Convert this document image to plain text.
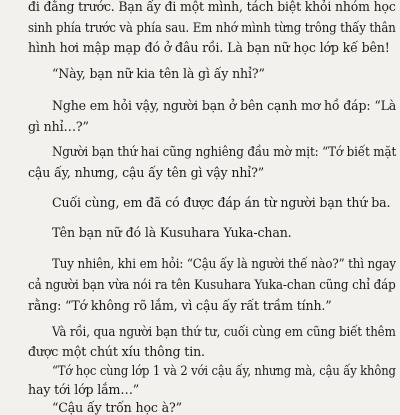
đi đằng trước. Bạn ấy đi một mình, tách biệt khỏi nhóm học
sinh phía trước và phía sau. Em nhớ mình từng trông thấy thân
hình hơi mập mạp đó ở đâu rồi. Là bạn nữ học lớp kế bên!
“Này, bạn nữ kia tên là gì ấy nhỉ?”
Nghe em hỏi vậy, người bạn ở bên cạnh mơ hồ đáp: “Là
gì nhỉ…?”
Người bạn thứ hai cũng nghiêng đầu mờ mịt: “Tớ biết mặt
cậu ấy, nhưng, cậu ấy tên gì vậy nhỉ?”
Cuối cùng, em đã có được đáp án từ người bạn thứ ba.
Tên bạn nữ đó là Kusuhara Yuka-chan.
Tuy nhiên, khi em hỏi: “Cậu ấy là người thế nào?” thì ngay
cả người bạn vừa nói ra tên Kusuhara Yuka-chan cũng chỉ đáp
rằng: “Tớ không rõ lắm, vì cậu ấy rất trầm tính.”
Và rồi, qua người bạn thứ tư, cuối cùng em cũng biết thêm
được một chút xíu thông tin.
“Tớ học cùng lớp 1 và 2 với cậu ấy, nhưng mà, cậu ấy không
hay tới lớp lắm…”
“Cậu ấy trốn học à?”
